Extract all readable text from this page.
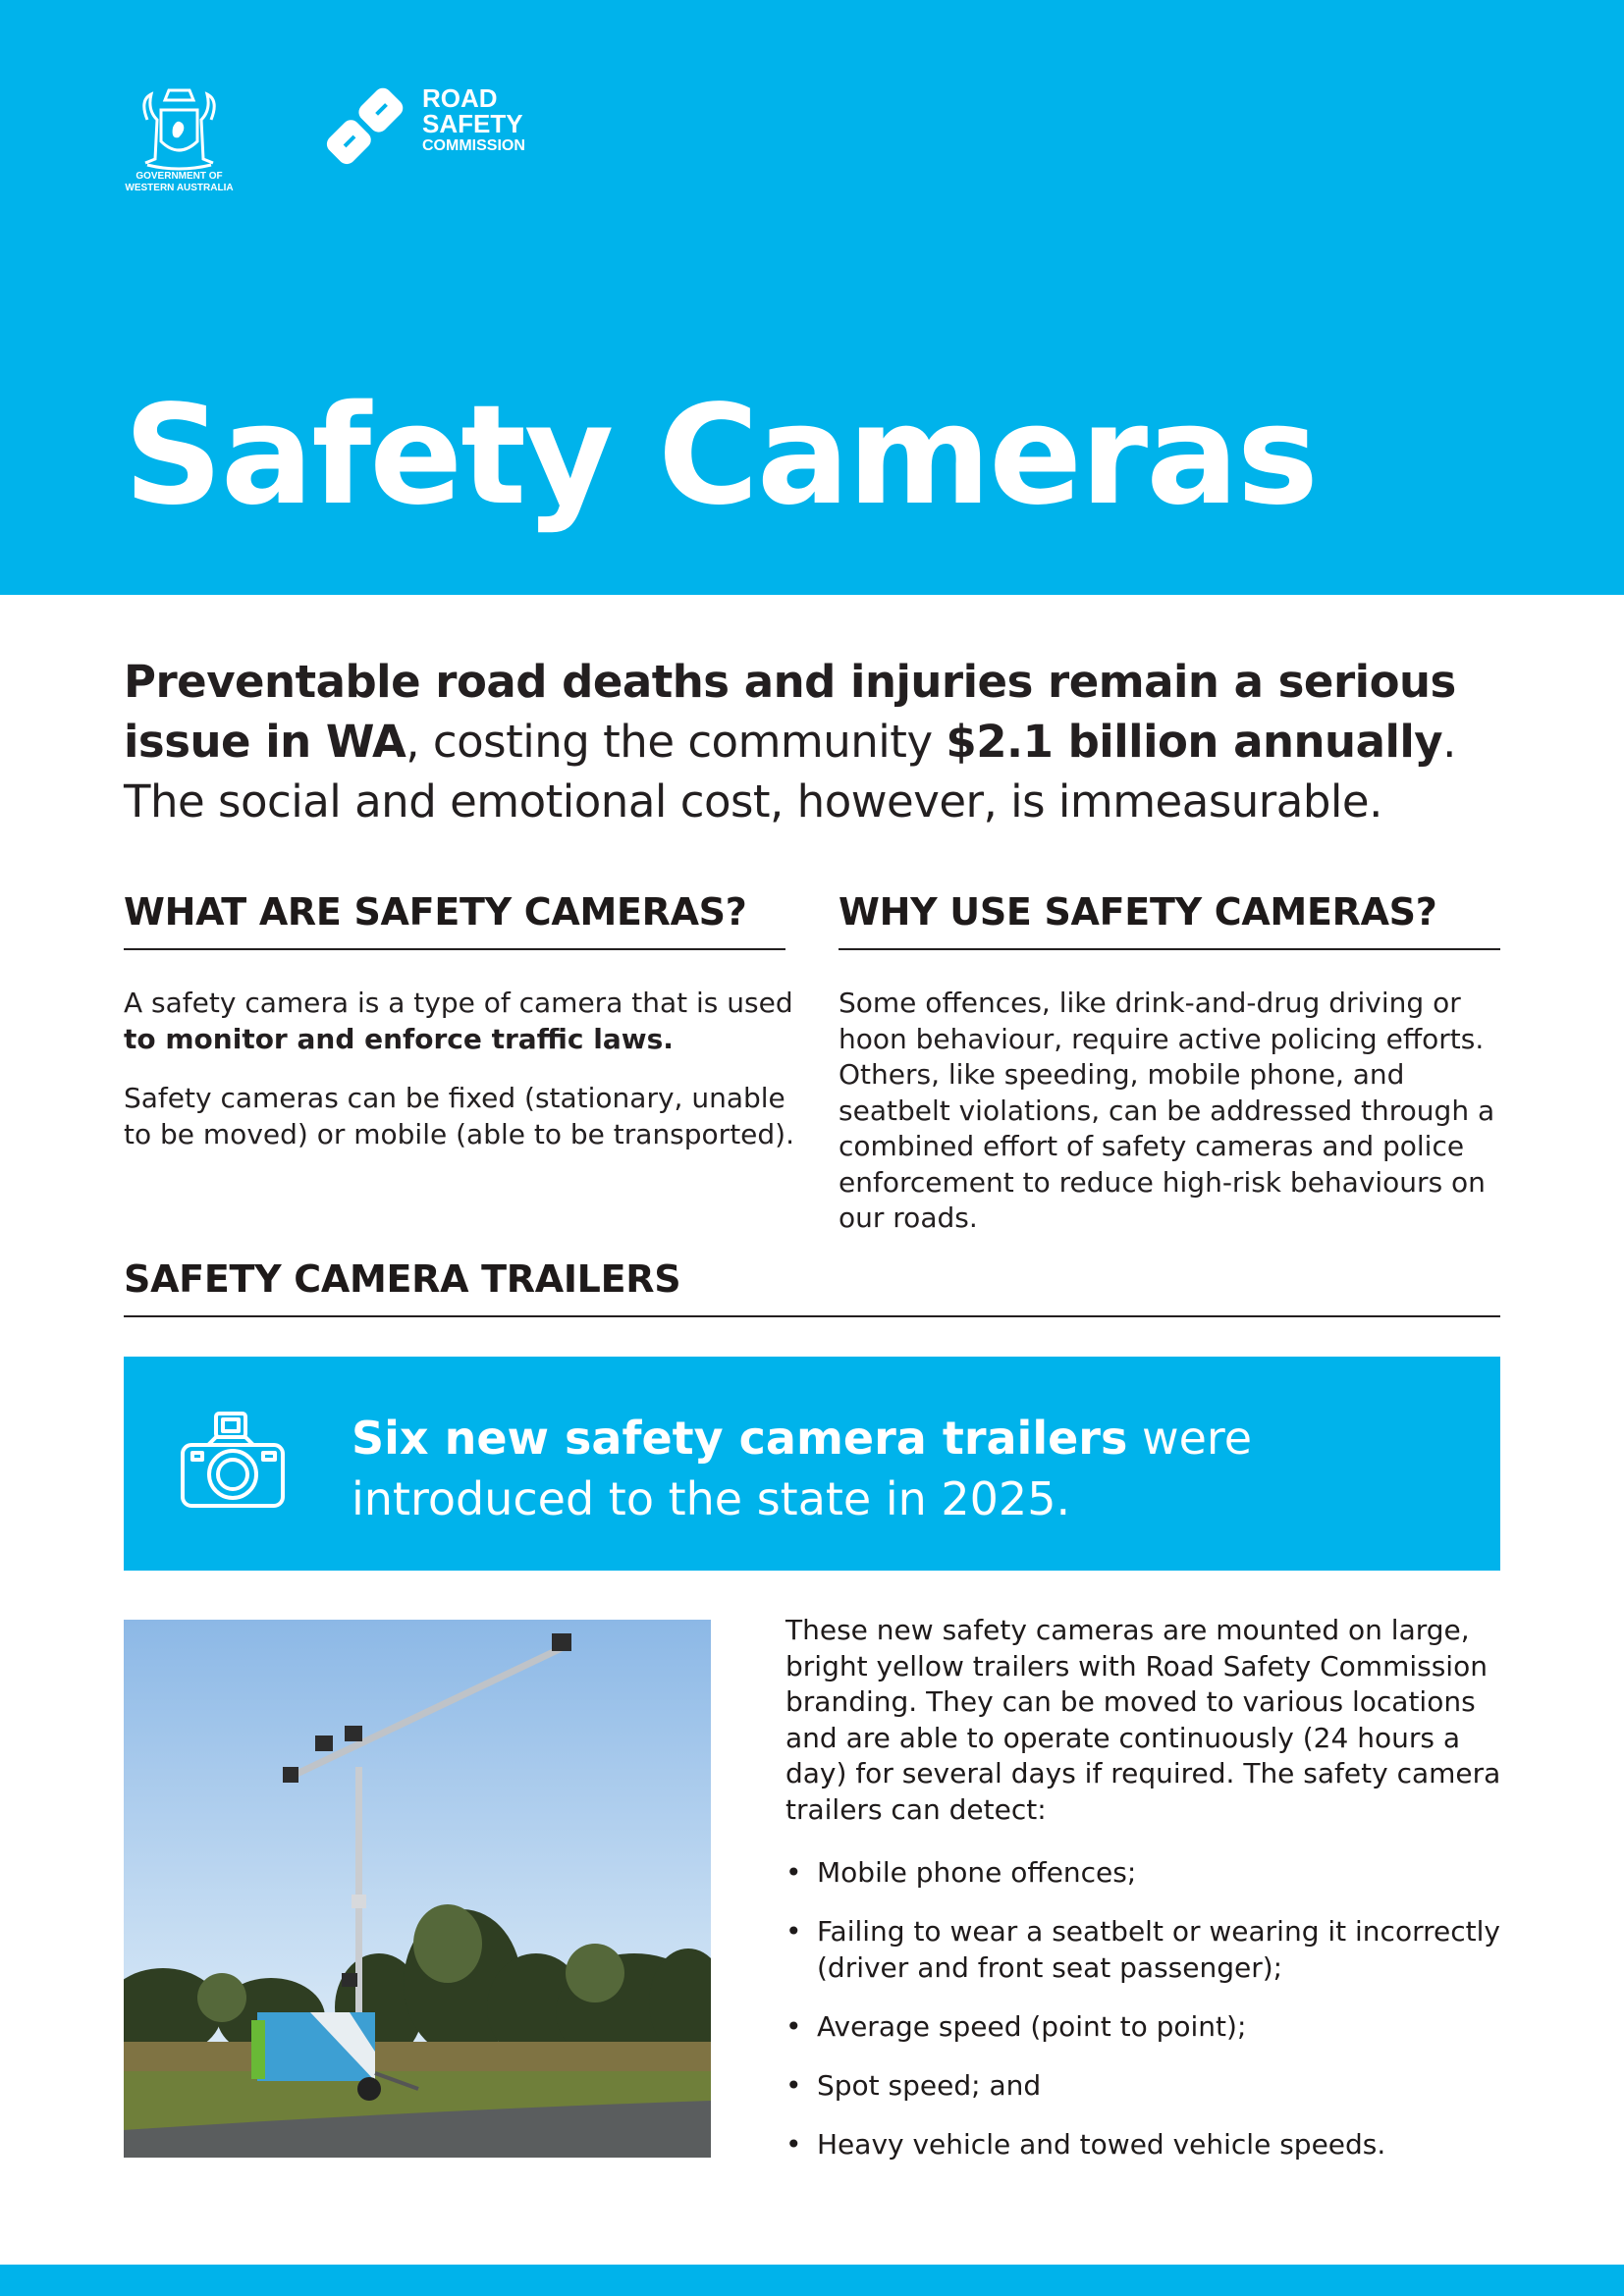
GOVERNMENT OF
WESTERN AUSTRALIA
ROAD
SAFETY
COMMISSION
Safety Cameras

Preventable road deaths and injuries remain a serious issue in WA, costing the community $2.1 billion annually. The social and emotional cost, however, is immeasurable.

WHAT ARE SAFETY CAMERAS?

A safety camera is a type of camera that is used to monitor and enforce traffic laws.

Safety cameras can be fixed (stationary, unable to be moved) or mobile (able to be transported).

WHY USE SAFETY CAMERAS?

Some offences, like drink-and-drug driving or hoon behaviour, require active policing efforts. Others, like speeding, mobile phone, and seatbelt violations, can be addressed through a combined effort of safety cameras and police enforcement to reduce high-risk behaviours on our roads.

SAFETY CAMERA TRAILERS
Six new safety camera trailers were
introduced to the state in 2025.

These new safety cameras are mounted on large, bright yellow trailers with Road Safety Commission branding. They can be moved to various locations and are able to operate continuously (24 hours a day) for several days if required. The safety camera trailers can detect:

• Mobile phone offences;
• Failing to wear a seatbelt or wearing it incorrectly (driver and front seat passenger);
• Average speed (point to point);
• Spot speed; and
• Heavy vehicle and towed vehicle speeds.
